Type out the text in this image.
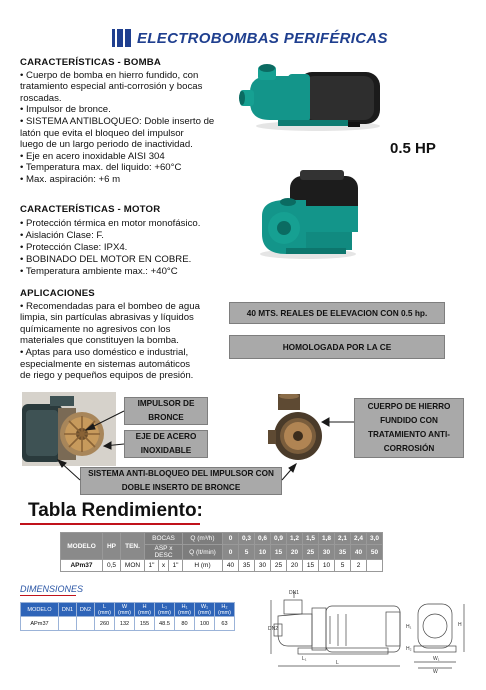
ELECTROBOMBAS PERIFÉRICAS
CARACTERÍSTICAS - BOMBA

• Cuerpo de bomba en hierro fundido, con

tratamiento especial anti-corrosión y bocas

roscadas.

• Impulsor de bronce.

• SISTEMA ANTIBLOQUEO: Doble inserto de

latón que evita el bloqueo del impulsor

luego de un largo periodo de inactividad.

• Eje en acero inoxidable AISI 304

• Temperatura max. del liquido: +60°C

• Max. aspiración: +6 m

CARACTERÍSTICAS - MOTOR

• Protección térmica en motor monofásico.

• Aislación Clase: F.

• Protección Clase: IPX4.

• BOBINADO DEL MOTOR EN COBRE.

• Temperatura ambiente max.: +40°C

APLICACIONES

• Recomendadas para el bombeo de agua

limpia, sin partículas abrasivas y líquidos

químicamente no agresivos con los

materiales que constituyen la bomba.

• Aptas para uso doméstico e industrial,

especialmente en sistemas automáticos

de riego y pequeños equipos de presión.

0.5 HP
40 MTS. REALES DE ELEVACION CON 0.5 hp.
HOMOLOGADA POR LA CE
IMPULSOR DE
BRONCE
EJE DE ACERO
INOXIDABLE
CUERPO DE HIERRO
FUNDIDO CON
TRATAMIENTO ANTI-
CORROSIÓN
SISTEMA ANTI-BLOQUEO DEL IMPULSOR CON
DOBLE INSERTO DE BRONCE
Tabla Rendimiento:
MODELO	HP	TEN.	BOCAS			Q (m³/h)	0	0,3	0,6	0,9	1,2	1,5	1,8	2,1	2,4	3,0
			ASP x DESC			Q (lt/min)	0	5	10	15	20	25	30	35	40	50
APm37	0,5	MON	1"	x	1"	H (m)	40	35	30	25	20	15	10	5	2	
DIMENSIONES
MODELO	DN1	DN2	L (mm)	W (mm)	H (mm)	L₁ (mm)	H₁ (mm)	W₁ (mm)	H₂ (mm)
APm37			260	132	155	48.5	80	100	63
DN1
DN2
L
L₁	W₁
W
H
H₁
H₂
